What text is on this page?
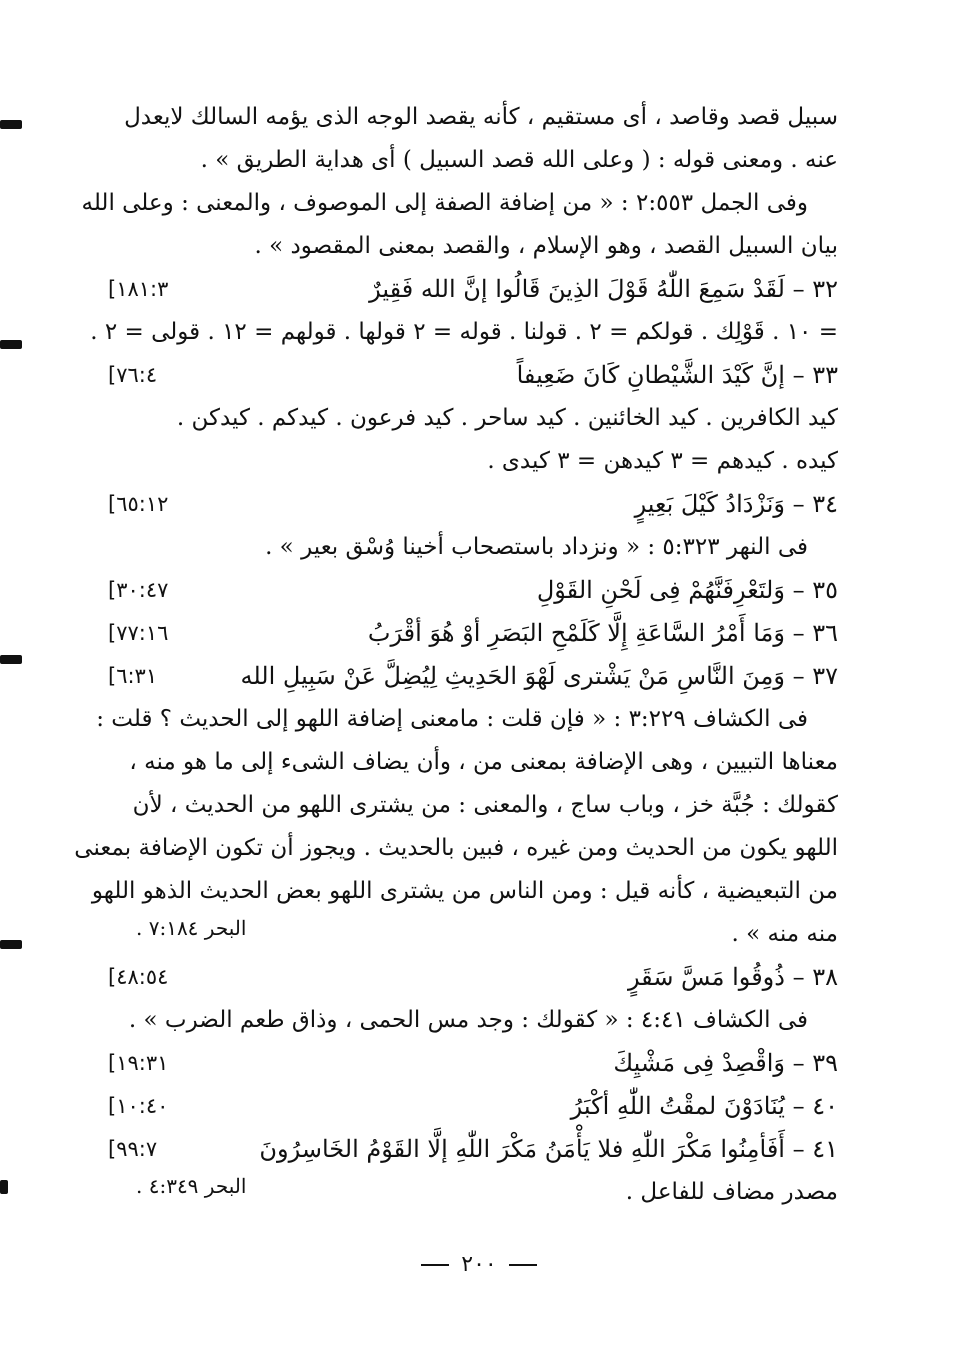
سبيل قصد وقاصد ، أى مستقيم ، كأنه يقصد الوجه الذى يؤمه السالك لايعدل
عنه . ومعنى قوله : ( وعلى الله قصد السبيل ) أى هداية الطريق » .
وفى الجمل ٢:٥٥٣ : « من إضافة الصفة إلى الموصوف ، والمعنى : وعلى الله
بيان السبيل القصد ، وهو الإسلام ، والقصد بمعنى المقصود » .
٣٢ – لَقَدْ سَمِعَ اللّٰهُ قَوْلَ الذِينَ قَالُوا إنَّ الله فَقِيرٌ
[١٨١:٣
= ١٠ . قَوْلِك . قولكم = ٢ . قولنا . قوله = ٢ قولها . قولهم = ١٢ . قولى = ٢ .
٣٣ – إنَّ كَيْدَ الشَّيْطانِ كَانَ ضَعِيفاً
[٧٦:٤
كيد الكافرين . كيد الخائنين . كيد ساحر . كيد فرعون . كيدكم . كيدكن .
كيده . كيدهم = ٣ كيدهن = ٣ كيدى .
٣٤ – وَنَزْدَادُ كَيْلَ بَعِيرٍ
[٦٥:١٢
فى النهر ٥:٣٢٣ : « ونزداد باستصحاب أخينا وُسْق بعير » .
٣٥ – وَلتَعْرِفَنَّهُمْ فِى لَحْنِ القَوْلِ
[٣٠:٤٧
٣٦ – وَمَا أَمْرُ السَّاعَةِ إِلَّا كَلَمْحِ البَصَرِ أوْ هُوَ أقْرَبُ
[٧٧:١٦
٣٧ – وَمِنَ النَّاسِ مَنْ يَشْترى لَهْوَ الحَدِيثِ لِيُضِلَّ عَنْ سَبِيلِ الله
[٦:٣١
فى الكشاف ٣:٢٢٩ : « فإن قلت : مامعنى إضافة اللهو إلى الحديث ؟ قلت :
معناها التبيين ، وهى الإضافة بمعنى من ، وأن يضاف الشىء إلى ما هو منه ،
كقولك : جُبَّة خز ، وباب ساج ، والمعنى : من يشترى اللهو من الحديث ، لأن
اللهو يكون من الحديث ومن غيره ، فبين بالحديث . ويجوز أن تكون الإضافة بمعنى
من التبعيضية ، كأنه قيل : ومن الناس من يشترى اللهو بعض الحديث الذهو اللهو
منه منه » .
البحر ٧:١٨٤ .
٣٨ – ذُوقُوا مَسَّ سَقَرٍ
[٤٨:٥٤
فى الكشاف ٤:٤١ : « كقولك : وجد مس الحمى ، وذاق طعم الضرب » .
٣٩ – وَاقْصِدْ فِى مَشْيِكَ
[١٩:٣١
٤٠ – يُنَادَوْنَ لمقْتُ اللّٰهِ أكْبَرُ
[١٠:٤٠
٤١ – أَفَأمِنُوا مَكْرَ اللّٰهِ فلا يَأْمَنُ مَكْرَ اللّٰهِ إلَّا القَوْمُ الخَاسِرُونَ
[٩٩:٧
مصدر مضاف للفاعل .
البحر ٤:٣٤٩ .
٢٠٠
